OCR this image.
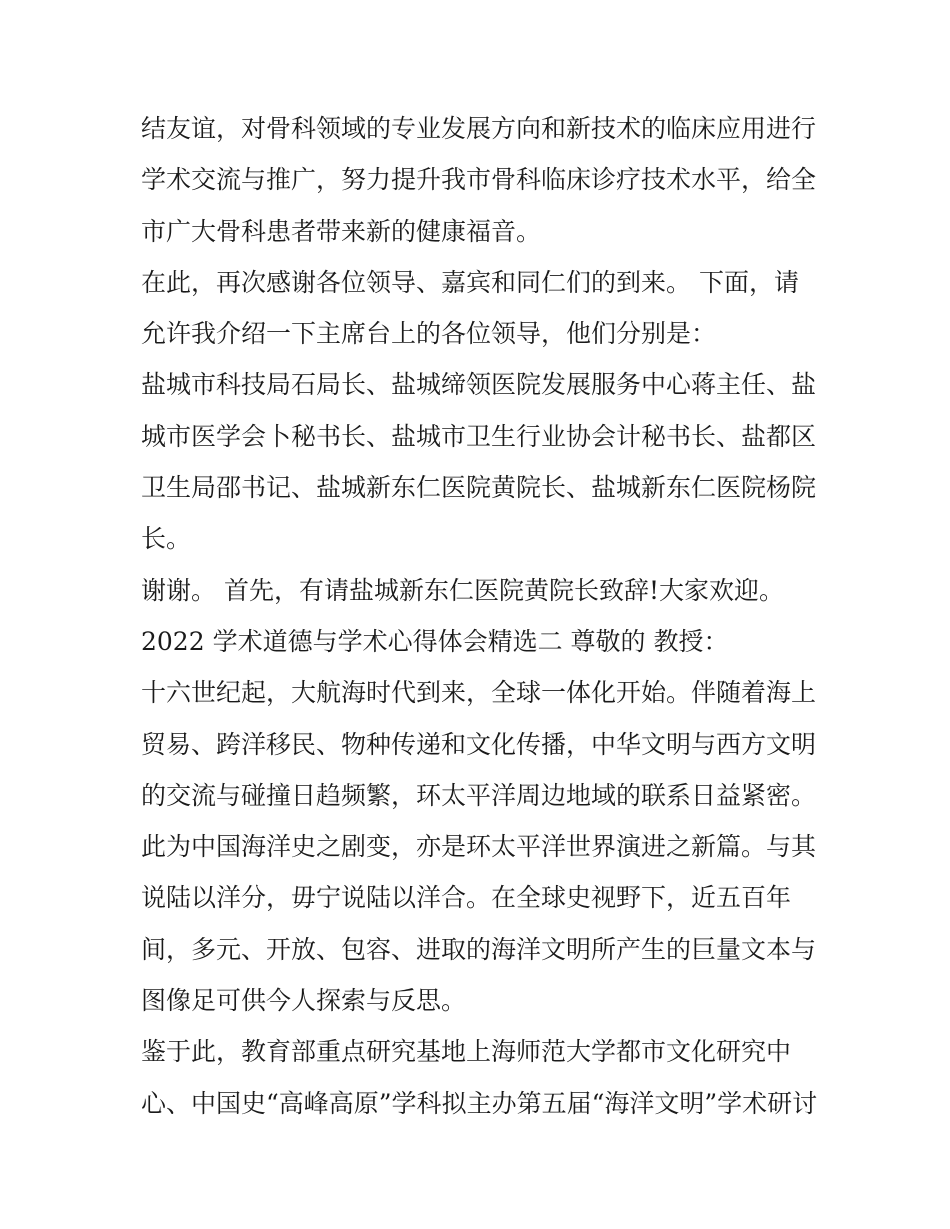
结友谊，对骨科领域的专业发展方向和新技术的临床应用进行
学术交流与推广，努力提升我市骨科临床诊疗技术水平，给全
市广大骨科患者带来新的健康福音。
在此，再次感谢各位领导、嘉宾和同仁们的到来。 下面，请
允许我介绍一下主席台上的各位领导，他们分别是：
盐城市科技局石局长、盐城缔领医院发展服务中心蒋主任、盐
城市医学会卜秘书长、盐城市卫生行业协会计秘书长、盐都区
卫生局邵书记、盐城新东仁医院黄院长、盐城新东仁医院杨院
长。
谢谢。 首先，有请盐城新东仁医院黄院长致辞!大家欢迎。
2022 学术道德与学术心得体会精选二 尊敬的 教授：
十六世纪起，大航海时代到来，全球一体化开始。伴随着海上
贸易、跨洋移民、物种传递和文化传播，中华文明与西方文明
的交流与碰撞日趋频繁，环太平洋周边地域的联系日益紧密。
此为中国海洋史之剧变，亦是环太平洋世界演进之新篇。与其
说陆以洋分，毋宁说陆以洋合。在全球史视野下，近五百年
间，多元、开放、包容、进取的海洋文明所产生的巨量文本与
图像足可供今人探索与反思。
鉴于此，教育部重点研究基地上海师范大学都市文化研究中
心、中国史“高峰高原”学科拟主办第五届“海洋文明”学术研讨
